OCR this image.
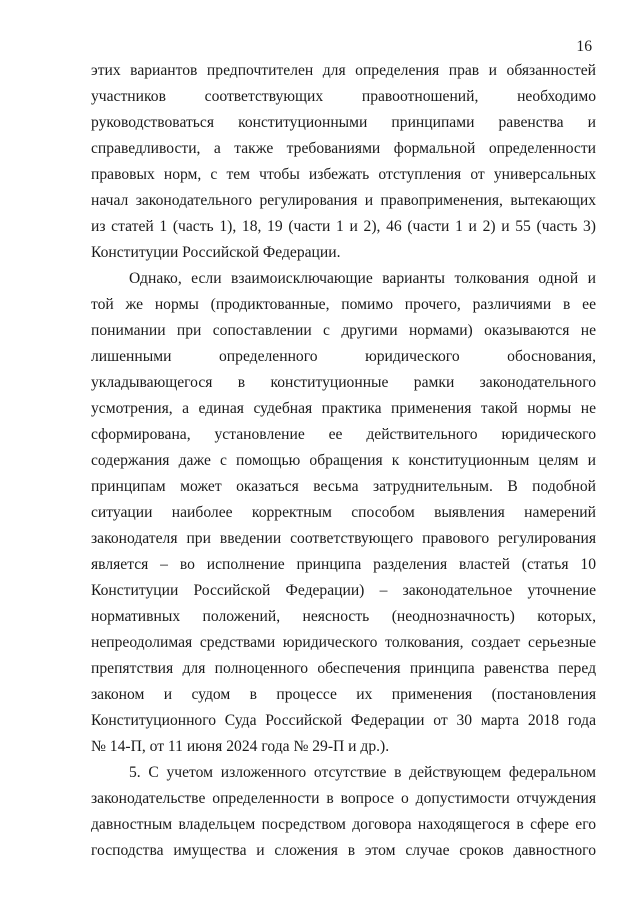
16
этих вариантов предпочтителен для определения прав и обязанностей
участников соответствующих правоотношений, необходимо
руководствоваться конституционными принципами равенства и
справедливости, а также требованиями формальной определенности
правовых норм, с тем чтобы избежать отступления от универсальных
начал законодательного регулирования и правоприменения, вытекающих
из статей 1 (часть 1), 18, 19 (части 1 и 2), 46 (части 1 и 2) и 55 (часть 3)
Конституции Российской Федерации.
Однако, если взаимоисключающие варианты толкования одной и
той же нормы (продиктованные, помимо прочего, различиями в ее
понимании при сопоставлении с другими нормами) оказываются не
лишенными определенного юридического обоснования,
укладывающегося в конституционные рамки законодательного
усмотрения, а единая судебная практика применения такой нормы не
сформирована, установление ее действительного юридического
содержания даже с помощью обращения к конституционным целям и
принципам может оказаться весьма затруднительным. В подобной
ситуации наиболее корректным способом выявления намерений
законодателя при введении соответствующего правового регулирования
является – во исполнение принципа разделения властей (статья 10
Конституции Российской Федерации) – законодательное уточнение
нормативных положений, неясность (неоднозначность) которых,
непреодолимая средствами юридического толкования, создает серьезные
препятствия для полноценного обеспечения принципа равенства перед
законом и судом в процессе их применения (постановления
Конституционного Суда Российской Федерации от 30 марта 2018 года
№ 14-П, от 11 июня 2024 года № 29-П и др.).
5. С учетом изложенного отсутствие в действующем федеральном
законодательстве определенности в вопросе о допустимости отчуждения
давностным владельцем посредством договора находящегося в сфере его
господства имущества и сложения в этом случае сроков давностного
